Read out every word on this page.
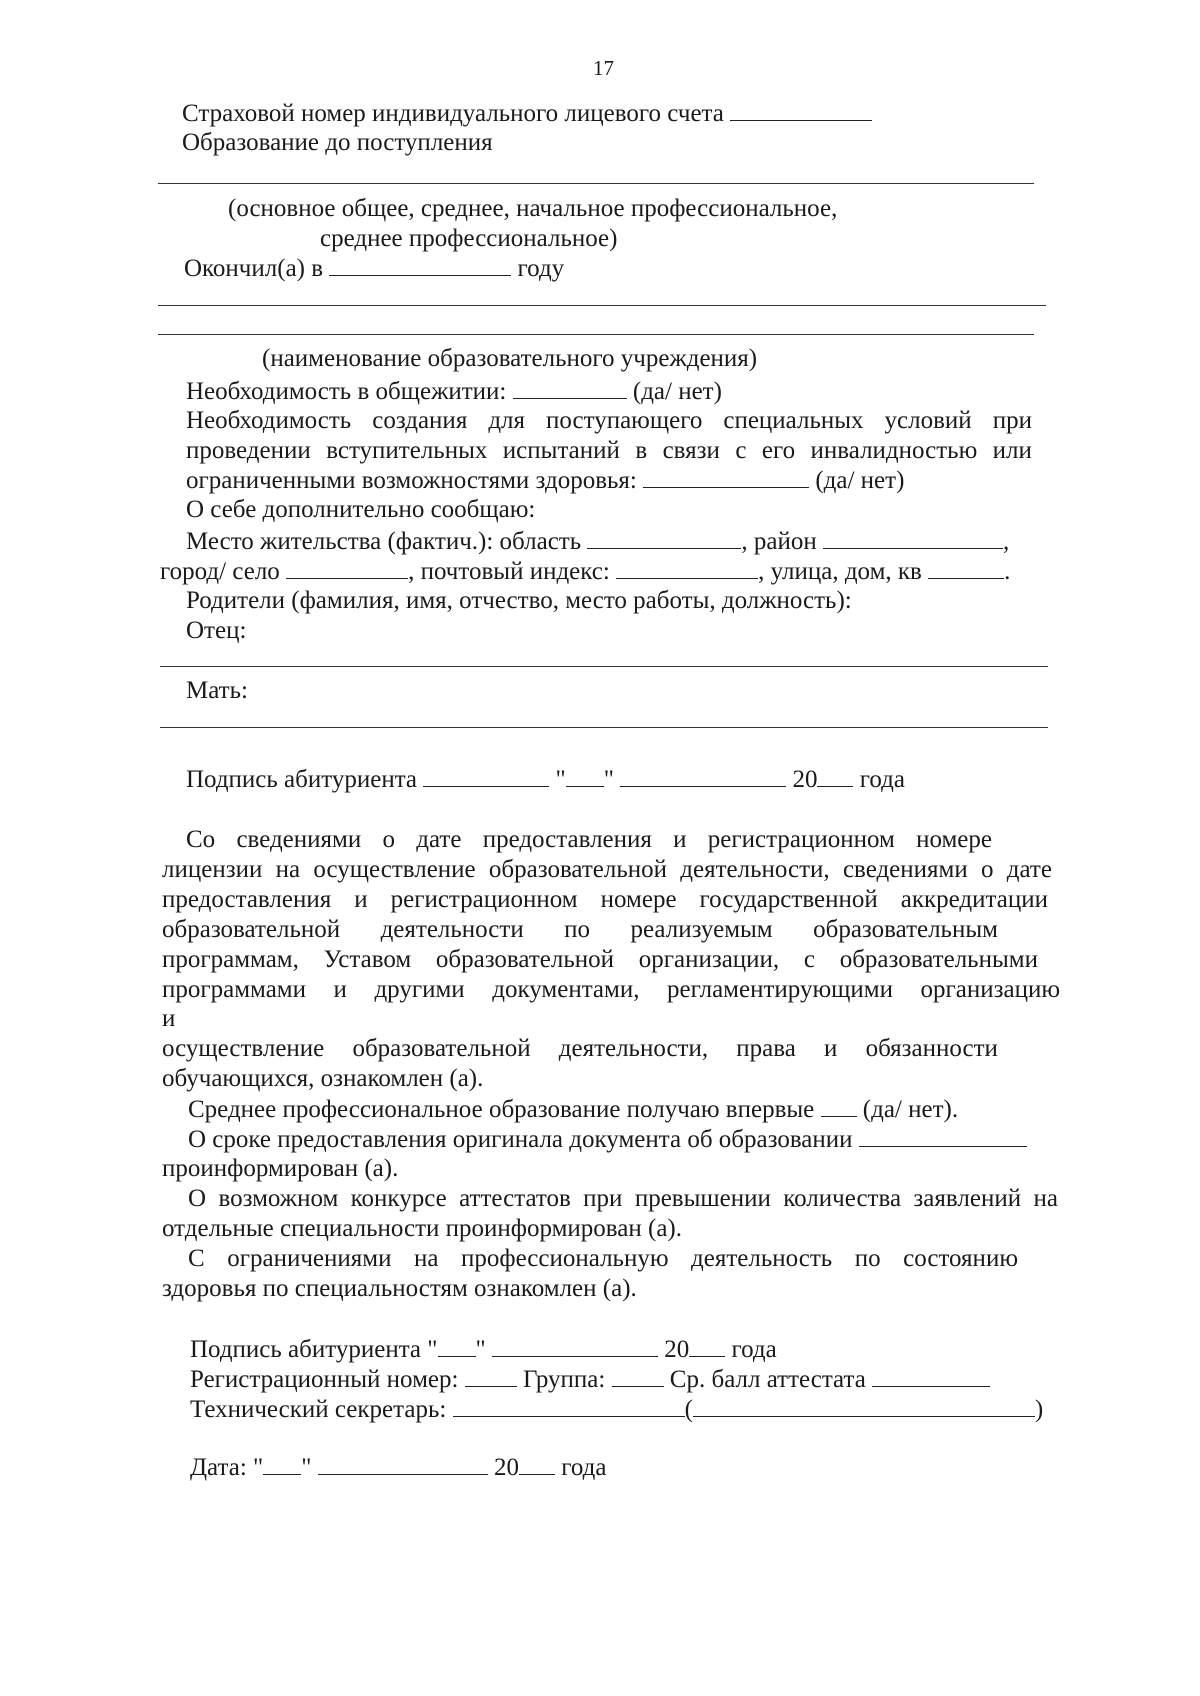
17
Страховой номер индивидуального лицевого счета
Образование до поступления
(основное общее, среднее, начальное профессиональное,
среднее профессиональное)
Окончил(а) в	году
(наименование образовательного учреждения)
Необходимость в общежитии:	(да/ нет)
Необходимость создания для поступающего специальных условий при
проведении вступительных испытаний в связи с его инвалидностью или
ограниченными возможностями здоровья:	(да/ нет)
О себе дополнительно сообщаю:
Место жительства (фактич.): область	, район	,
город/ село	, почтовый индекс:	, улица, дом, кв	.
Родители (фамилия, имя, отчество, место работы, должность):
Отец:
Мать:
Подпись абитуриента	" "	20 года
Со сведениями о дате предоставления и регистрационном номере
лицензии на осуществление образовательной деятельности, сведениями о дате
предоставления и регистрационном номере государственной аккредитации
образовательной деятельности по реализуемым образовательным
программам, Уставом образовательной организации, с образовательными
программами и другими документами, регламентирующими организацию
и
осуществление образовательной деятельности, права и обязанности
обучающихся, ознакомлен (а).
Среднее профессиональное образование получаю впервые (да/ нет).
О сроке предоставления оригинала документа об образовании
проинформирован (а).
О возможном конкурсе аттестатов при превышении количества заявлений на
отдельные специальности проинформирован (а).
С ограничениями на профессиональную деятельность по состоянию
здоровья по специальностям ознакомлен (а).
Подпись абитуриента " "	20 года
Регистрационный номер:	Группа:	Ср. балл аттестата
Технический секретарь:	(	)
Дата: " "	20 года
